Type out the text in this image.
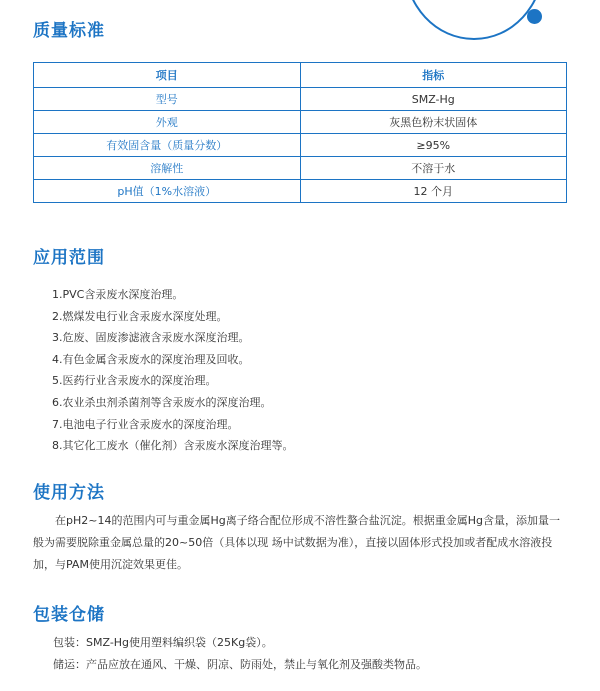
质量标准
项目	指标
型号	SMZ-Hg
外观	灰黑色粉末状固体
有效固含量（质量分数）	≥95%
溶解性	不溶于水
pH值（1%水溶液）	12 个月
应用范围
1.PVC含汞废水深度治理。
2.燃煤发电行业含汞废水深度处理。
3.危废、固废渗滤液含汞废水深度治理。
4.有色金属含汞废水的深度治理及回收。
5.医药行业含汞废水的深度治理。
6.农业杀虫剂杀菌剂等含汞废水的深度治理。
7.电池电子行业含汞废水的深度治理。
8.其它化工废水（催化剂）含汞废水深度治理等。
使用方法

在pH2~14的范围内可与重金属Hg离子络合配位形成不溶性螯合盐沉淀。根据重金属Hg含量，添加量一般为需要脱除重金属总量的20~50倍（具体以现 场中试数据为准），直接以固体形式投加或者配成水溶液投加，与PAM使用沉淀效果更佳。

包装仓储

包装：SMZ-Hg使用塑料编织袋（25Kg袋）。

储运：产品应放在通风、干燥、阴凉、防雨处，禁止与氧化剂及强酸类物品。
